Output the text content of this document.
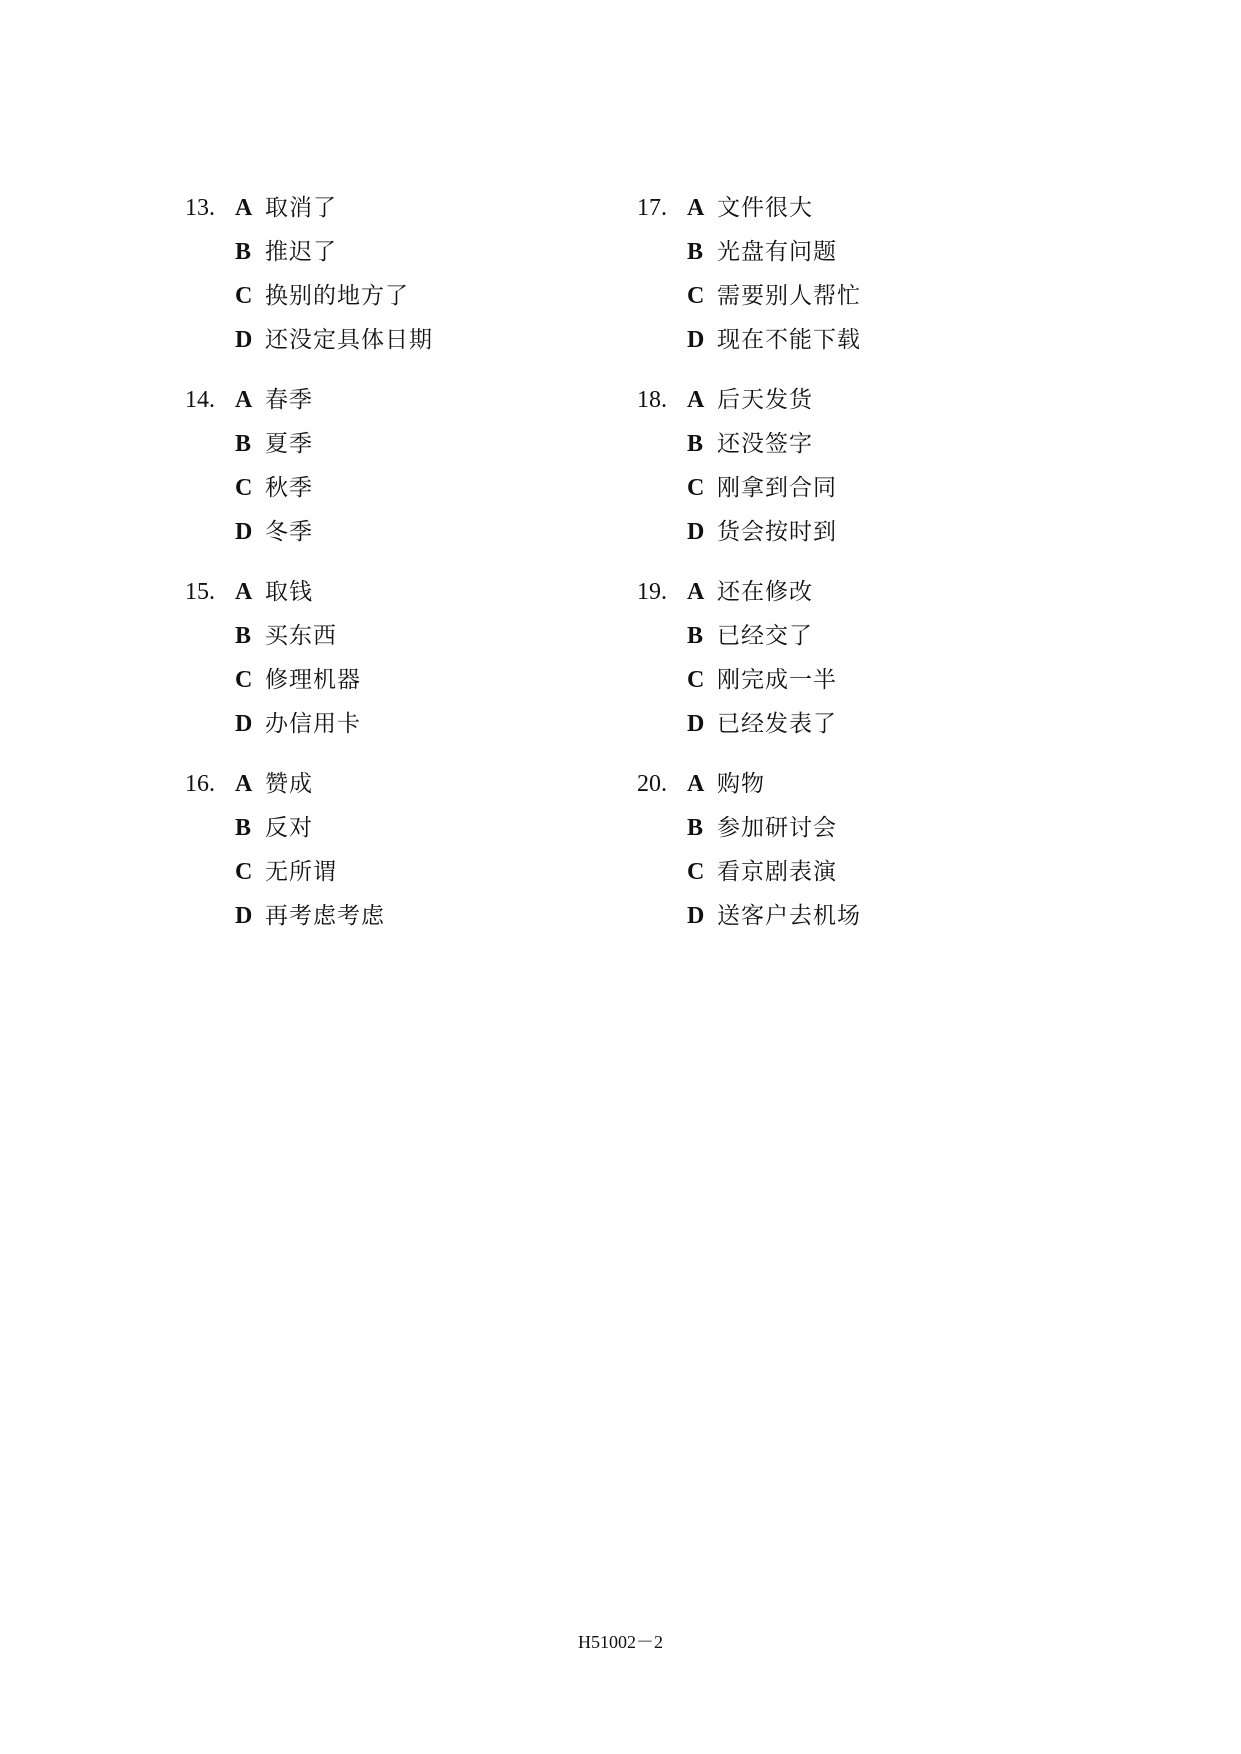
13. A 取消了
B 推迟了
C 换别的地方了
D 还没定具体日期
14. A 春季
B 夏季
C 秋季
D 冬季
15. A 取钱
B 买东西
C 修理机器
D 办信用卡
16. A 赞成
B 反对
C 无所谓
D 再考虑考虑
17. A 文件很大
B 光盘有问题
C 需要别人帮忙
D 现在不能下载
18. A 后天发货
B 还没签字
C 刚拿到合同
D 货会按时到
19. A 还在修改
B 已经交了
C 刚完成一半
D 已经发表了
20. A 购物
B 参加研讨会
C 看京剧表演
D 送客户去机场
H51002－2
